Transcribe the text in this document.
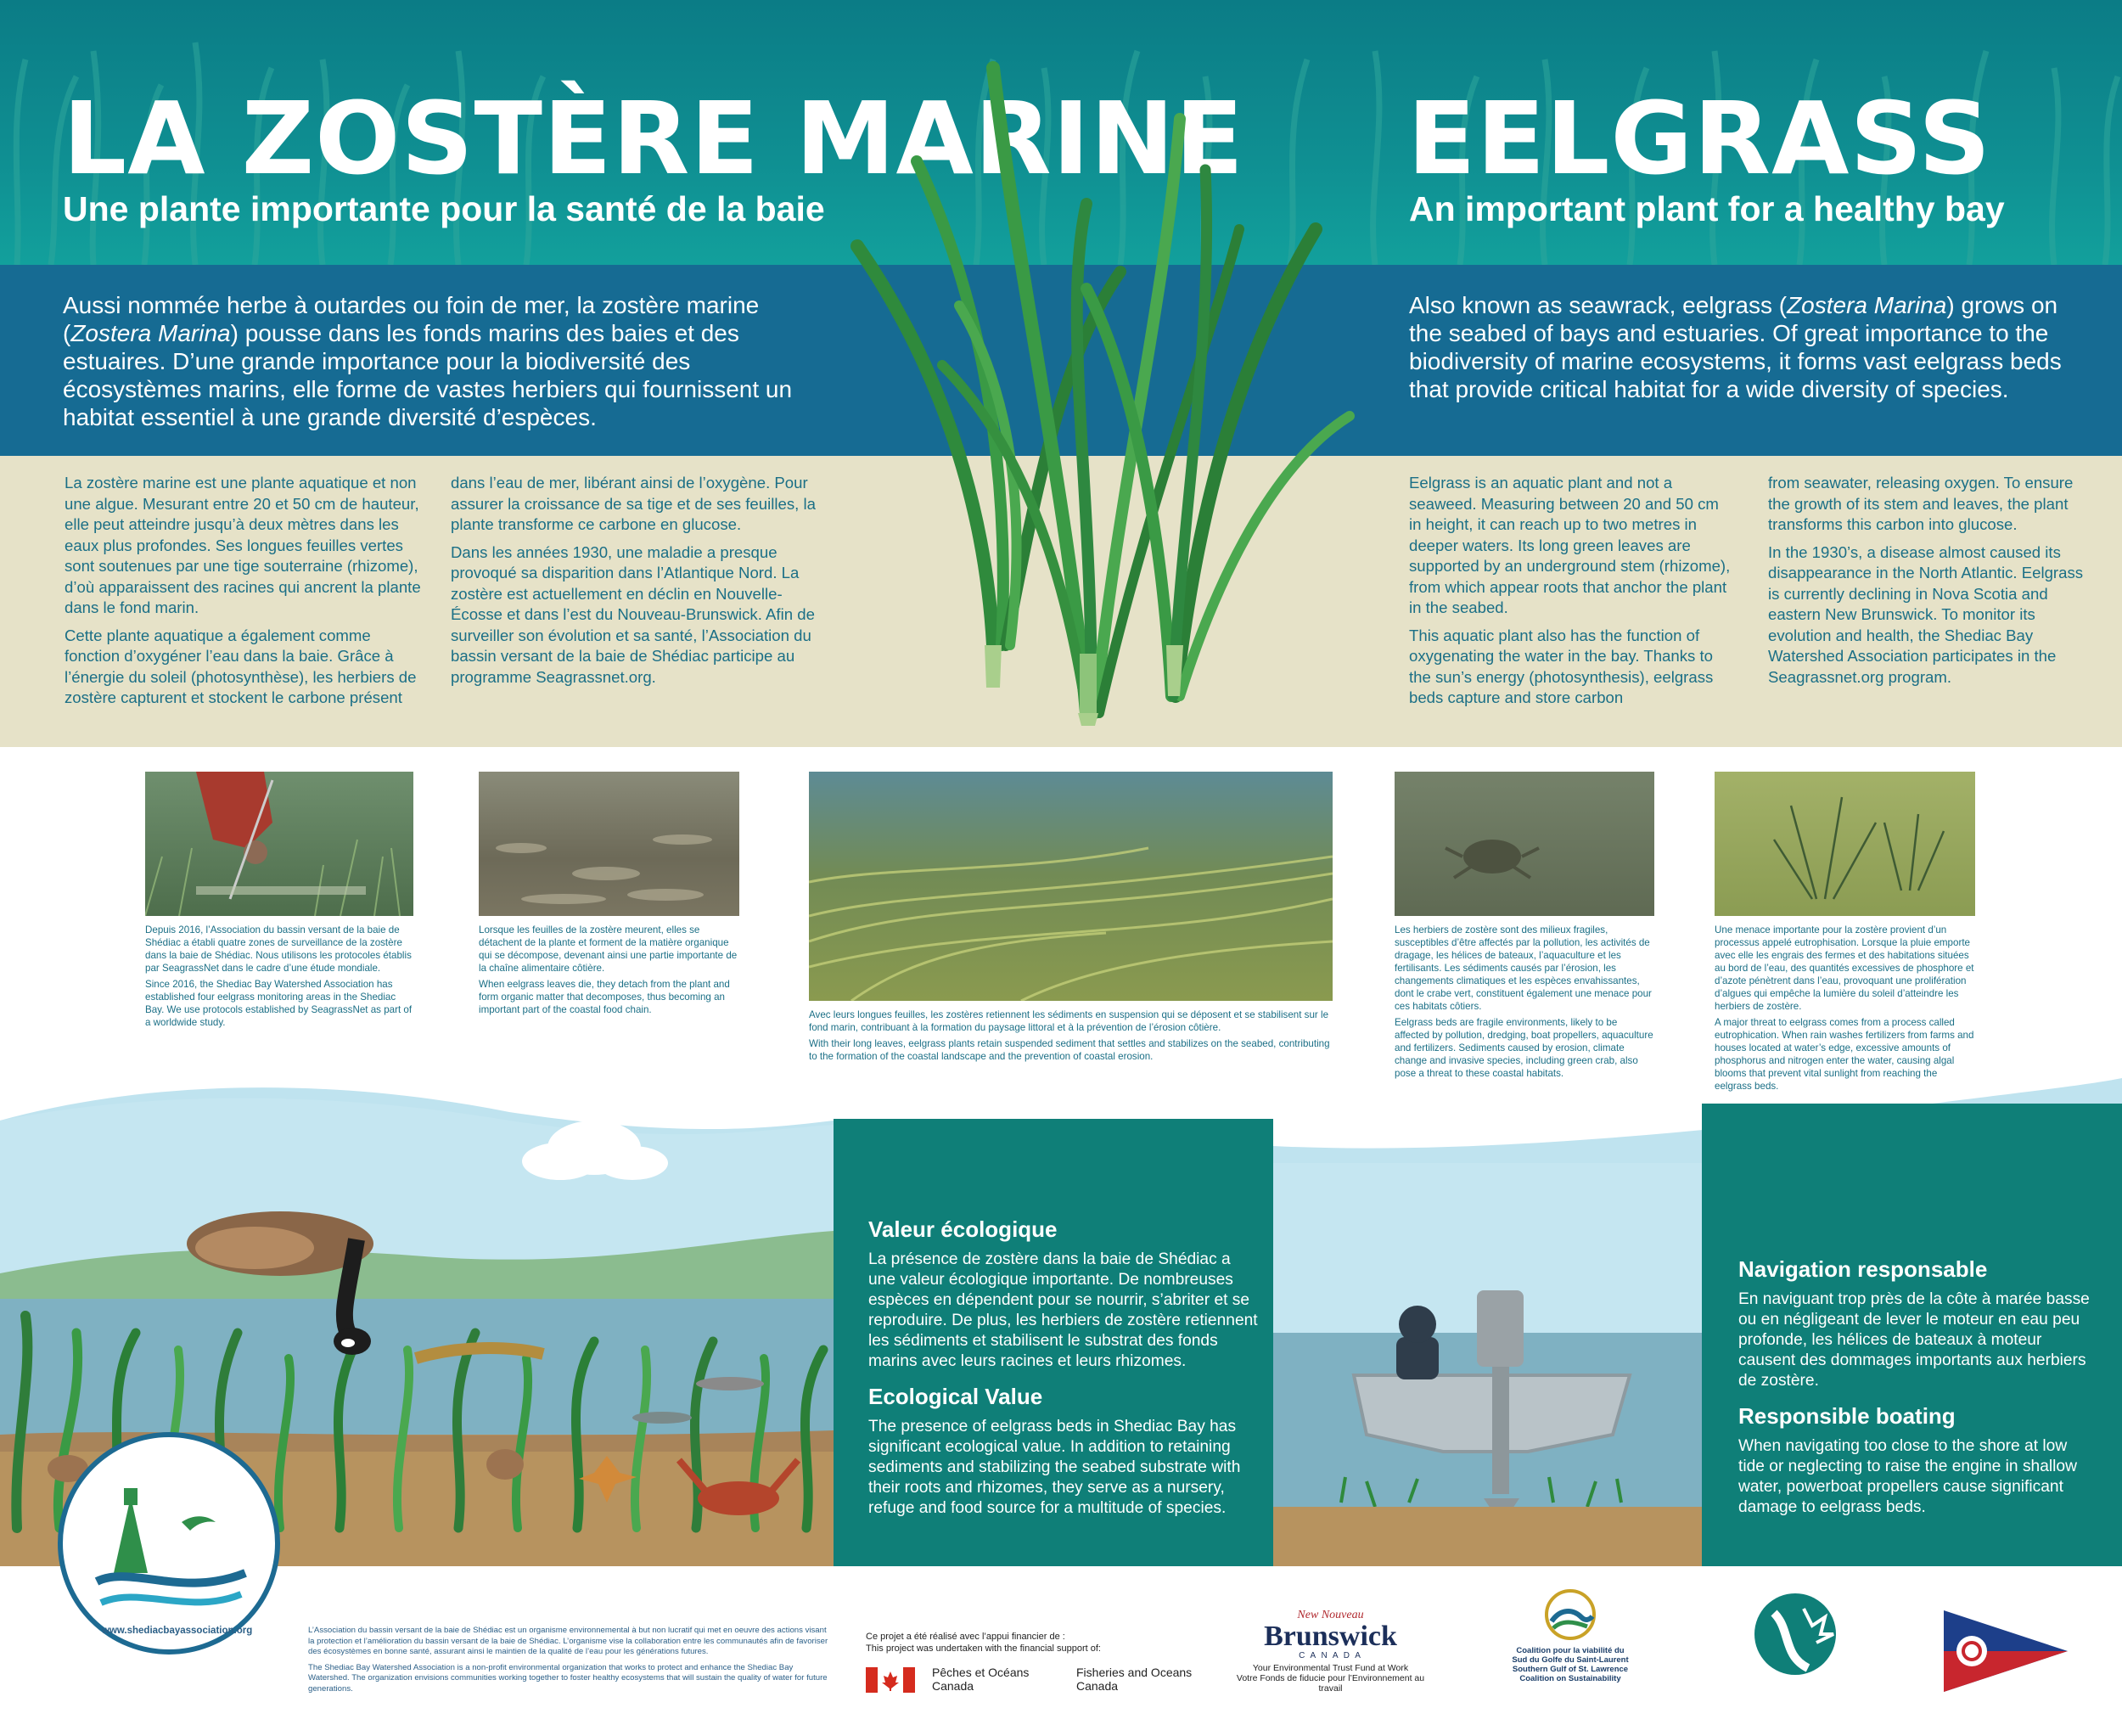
LA ZOSTÈRE MARINE
Une plante importante pour la santé de la baie
EELGRASS
An important plant for a healthy bay
Aussi nommée herbe à outardes ou foin de mer, la zostère marine (Zostera Marina) pousse dans les fonds marins des baies et des estuaires. D’une grande importance pour la biodiversité des écosystèmes marins, elle forme de vastes herbiers qui fournissent un habitat essentiel à une grande diversité d’espèces.
Also known as seawrack, eelgrass (Zostera Marina) grows on the seabed of bays and estuaries. Of great importance to the biodiversity of marine ecosystems, it forms vast eelgrass beds that provide critical habitat for a wide diversity of species.

La zostère marine est une plante aquatique et non une algue. Mesurant entre 20 et 50 cm de hauteur, elle peut atteindre jusqu’à deux mètres dans les eaux plus profondes. Ses longues feuilles vertes sont soutenues par une tige souterraine (rhizome), d’où apparaissent des racines qui ancrent la plante dans le fond marin.

Cette plante aquatique a également comme fonction d’oxygéner l’eau dans la baie. Grâce à l’énergie du soleil (photosynthèse), les herbiers de zostère capturent et stockent le carbone présent

dans l’eau de mer, libérant ainsi de l’oxygène. Pour assurer la croissance de sa tige et de ses feuilles, la plante transforme ce carbone en glucose.

Dans les années 1930, une maladie a presque provoqué sa disparition dans l’Atlantique Nord. La zostère est actuellement en déclin en Nouvelle-Écosse et dans l’est du Nouveau-Brunswick. Afin de surveiller son évolution et sa santé, l’Association du bassin versant de la baie de Shédiac participe au programme Seagrassnet.org.

Eelgrass is an aquatic plant and not a seaweed. Measuring between 20 and 50 cm in height, it can reach up to two metres in deeper waters. Its long green leaves are supported by an underground stem (rhizome), from which appear roots that anchor the plant in the seabed.

This aquatic plant also has the function of oxygenating the water in the bay. Thanks to the sun’s energy (photosynthesis), eelgrass beds capture and store carbon

from seawater, releasing oxygen. To ensure the growth of its stem and leaves, the plant transforms this carbon into glucose.

In the 1930’s, a disease almost caused its disappearance in the North Atlantic. Eelgrass is currently declining in Nova Scotia and eastern New Brunswick. To monitor its evolution and health, the Shediac Bay Watershed Association participates in the Seagrassnet.org program.

Depuis 2016, l’Association du bassin versant de la baie de Shédiac a établi quatre zones de surveillance de la zostère dans la baie de Shédiac. Nous utilisons les protocoles établis par SeagrassNet dans le cadre d’une étude mondiale.

Since 2016, the Shediac Bay Watershed Association has established four eelgrass monitoring areas in the Shediac Bay. We use protocols established by SeagrassNet as part of a worldwide study.

Lorsque les feuilles de la zostère meurent, elles se détachent de la plante et forment de la matière organique qui se décompose, devenant ainsi une partie importante de la chaîne alimentaire côtière.

When eelgrass leaves die, they detach from the plant and form organic matter that decomposes, thus becoming an important part of the coastal food chain.	Avec leurs longues feuilles, les zostères retiennent les sédiments en suspension qui se déposent et se stabilisent sur le fond marin, contribuant à la formation du paysage littoral et à la prévention de l’érosion côtière.

With their long leaves, eelgrass plants retain suspended sediment that settles and stabilizes on the seabed, contributing to the formation of the coastal landscape and the prevention of coastal erosion.

Les herbiers de zostère sont des milieux fragiles, susceptibles d’être affectés par la pollution, les activités de dragage, les hélices de bateaux, l’aquaculture et les fertilisants. Les sédiments causés par l’érosion, les changements climatiques et les espèces envahissantes, dont le crabe vert, constituent également une menace pour ces habitats côtiers.

Eelgrass beds are fragile environments, likely to be affected by pollution, dredging, boat propellers, aquaculture and fertilizers. Sediments caused by erosion, climate change and invasive species, including green crab, also pose a threat to these coastal habitats.

Une menace importante pour la zostère provient d’un processus appelé eutrophisation. Lorsque la pluie emporte avec elle les engrais des fermes et des habitations situées au bord de l’eau, des quantités excessives de phosphore et d’azote pénètrent dans l’eau, provoquant une prolifération d’algues qui empêche la lumière du soleil d’atteindre les herbiers de zostère.

A major threat to eelgrass comes from a process called eutrophication. When rain washes fertilizers from farms and houses located at water’s edge, excessive amounts of phosphorus and nitrogen enter the water, causing algal blooms that prevent vital sunlight from reaching the eelgrass beds.

Valeur écologique
La présence de zostère dans la baie de Shédiac a une valeur écologique importante. De nombreuses espèces en dépendent pour se nourrir, s’abriter et se reproduire. De plus, les herbiers de zostère retiennent les sédiments et stabilisent le substrat des fonds marins avec leurs racines et leurs rhizomes.
Ecological Value
The presence of eelgrass beds in Shediac Bay has significant ecological value. In addition to retaining sediments and stabilizing the seabed substrate with their roots and rhizomes, they serve as a nursery, refuge and food source for a multitude of species.
Navigation responsable
En naviguant trop près de la côte à marée basse ou en négligeant de lever le moteur en eau peu profonde, les hélices de bateaux à moteur causent des dommages importants aux herbiers de zostère.
Responsible boating
When navigating too close to the shore at low tide or neglecting to raise the engine in shallow water, powerboat propellers cause significant damage to eelgrass beds.
www.shediacbayassociation.org	L’Association du bassin versant de la baie de Shédiac est un organisme environnemental à but non lucratif qui met en oeuvre des actions visant la protection et l’amélioration du bassin versant de la baie de Shédiac. L’organisme vise la collaboration entre les communautés afin de favoriser des écosystèmes en bonne santé, assurant ainsi le maintien de la qualité de l’eau pour les générations futures.
The Shediac Bay Watershed Association is a non-profit environmental organization that works to protect and enhance the Shediac Bay Watershed. The organization envisions communities working together to foster healthy ecosystems that will sustain the quality of water for future generations.
Ce projet a été réalisé avec l’appui financier de :
This project was undertaken with the financial support of:
Pêches et Océans
Canada
Fisheries and Oceans
Canada
New Nouveau
Brunswick
C A N A D A
Your Environmental Trust Fund at Work
Votre Fonds de fiducie pour l’Environnement au travail
Coalition pour la viabilité du
Sud du Golfe du Saint-Laurent
Southern Gulf of St. Lawrence
Coalition on Sustainability
